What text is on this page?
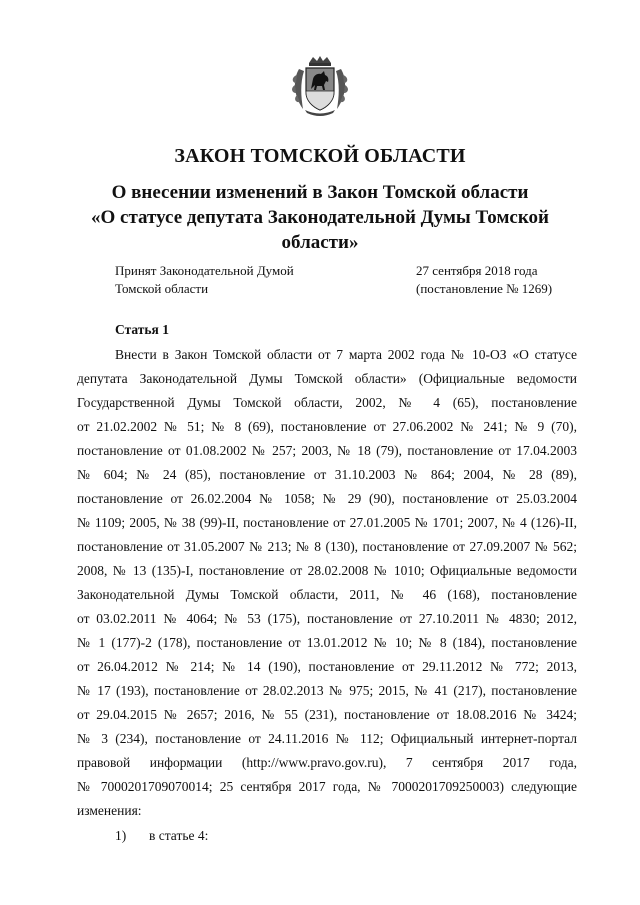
ЗАКОН ТОМСКОЙ ОБЛАСТИ
О внесении изменений в Закон Томской области
«О статусе депутата Законодательной Думы Томской
области»
Принят Законодательной Думой
Томской области
27 сентября 2018 года
(постановление № 1269)
Статья 1
Внести в Закон Томской области от 7 марта 2002 года № 10-ОЗ «О статусе
депутата Законодательной Думы Томской области» (Официальные ведомости
Государственной Думы Томской области, 2002, № 4 (65), постановление
от 21.02.2002 № 51; № 8 (69), постановление от 27.06.2002 № 241; № 9 (70),
постановление от 01.08.2002 № 257; 2003, № 18 (79), постановление от 17.04.2003
№ 604; № 24 (85), постановление от 31.10.2003 № 864; 2004, № 28 (89),
постановление от 26.02.2004 № 1058; № 29 (90), постановление от 25.03.2004
№ 1109; 2005, № 38 (99)-II, постановление от 27.01.2005 № 1701; 2007, № 4 (126)-II,
постановление от 31.05.2007 № 213; № 8 (130), постановление от 27.09.2007 № 562;
2008, № 13 (135)-I, постановление от 28.02.2008 № 1010; Официальные ведомости
Законодательной Думы Томской области, 2011, № 46 (168), постановление
от 03.02.2011 № 4064; № 53 (175), постановление от 27.10.2011 № 4830; 2012,
№ 1 (177)-2 (178), постановление от 13.01.2012 № 10; № 8 (184), постановление
от 26.04.2012 № 214; № 14 (190), постановление от 29.11.2012 № 772; 2013,
№ 17 (193), постановление от 28.02.2013 № 975; 2015, № 41 (217), постановление
от 29.04.2015 № 2657; 2016, № 55 (231), постановление от 18.08.2016 № 3424;
№ 3 (234), постановление от 24.11.2016 № 112; Официальный интернет-портал
правовой информации (http://www.pravo.gov.ru), 7 сентября 2017 года,
№ 7000201709070014; 25 сентября 2017 года, № 7000201709250003) следующие
изменения:
1) в статье 4:
